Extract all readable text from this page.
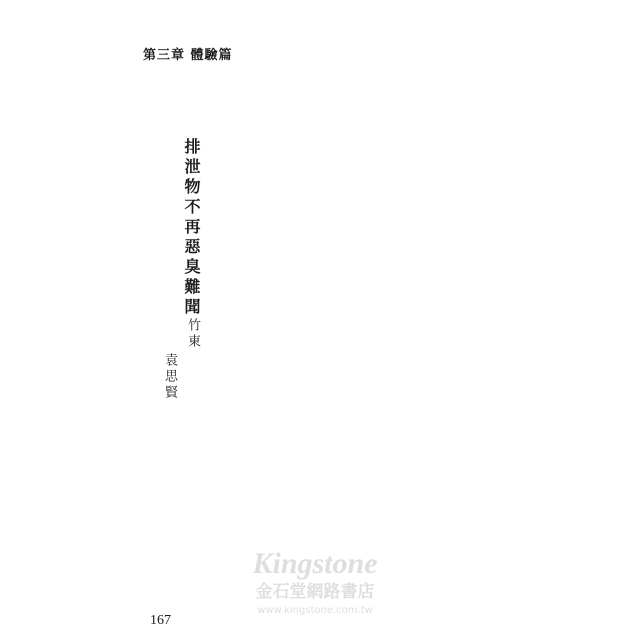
第三章 體驗篇
排泄物不再惡臭難聞
竹東
袁思賢
167
Kingstone
金石堂網路書店
www.kingstone.com.tw
